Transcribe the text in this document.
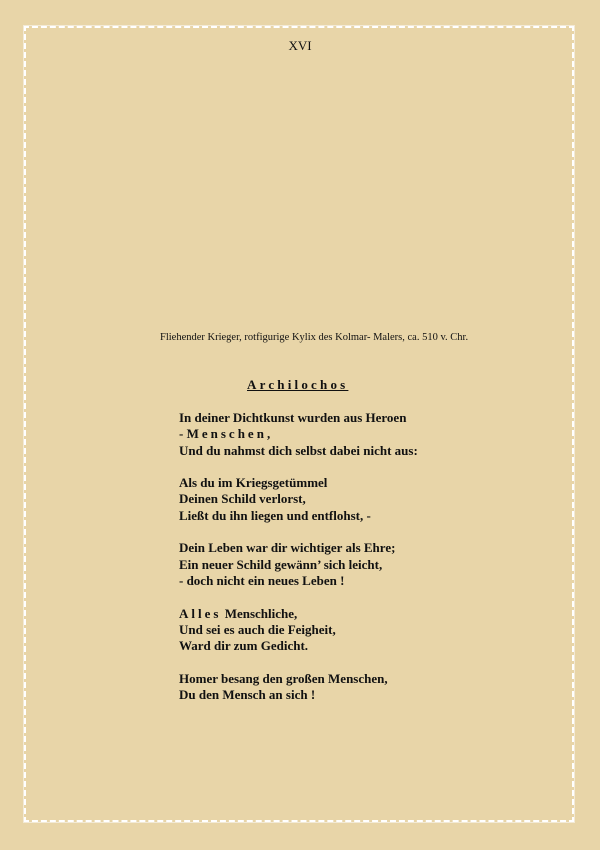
XVI
Fliehender Krieger, rotfigurige Kylix des Kolmar- Malers, ca. 510 v. Chr.
Archilochos
In deiner Dichtkunst wurden aus Heroen
- Menschen,
Und du nahmst dich selbst dabei nicht aus:
Als du im Kriegsgetümmel
Deinen Schild verlorst,
Ließt du ihn liegen und entflohst, -
Dein Leben war dir wichtiger als Ehre;
Ein neuer Schild gewänn’ sich leicht,
- doch nicht ein neues Leben !
Alles Menschliche,
Und sei es auch die Feigheit,
Ward dir zum Gedicht.
Homer besang den großen Menschen,
Du den Mensch an sich !
